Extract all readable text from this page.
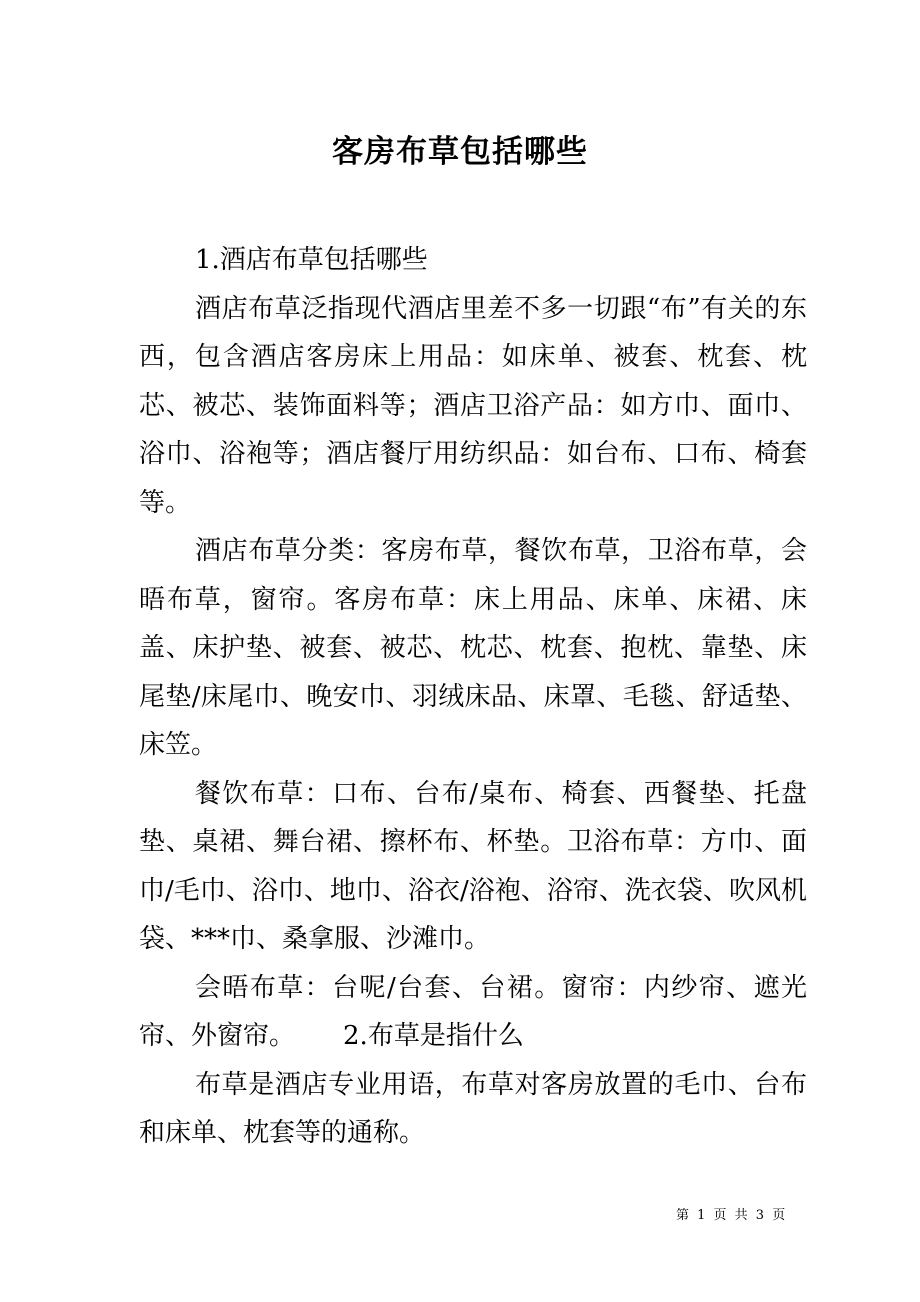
客房布草包括哪些

1.酒店布草包括哪些

酒店布草泛指现代酒店里差不多一切跟“布”有关的东西，包含酒店客房床上用品：如床单、被套、枕套、枕芯、被芯、装饰面料等；酒店卫浴产品：如方巾、面巾、浴巾、浴袍等；酒店餐厅用纺织品：如台布、口布、椅套等。

酒店布草分类：客房布草，餐饮布草，卫浴布草，会晤布草，窗帘。客房布草：床上用品、床单、床裙、床盖、床护垫、被套、被芯、枕芯、枕套、抱枕、靠垫、床尾垫/床尾巾、晚安巾、羽绒床品、床罩、毛毯、舒适垫、床笠。

餐饮布草：口布、台布/桌布、椅套、西餐垫、托盘垫、桌裙、舞台裙、擦杯布、杯垫。卫浴布草：方巾、面巾/毛巾、浴巾、地巾、浴衣/浴袍、浴帘、洗衣袋、吹风机袋、***巾、桑拿服、沙滩巾。

会晤布草：台呢/台套、台裙。窗帘：内纱帘、遮光帘、外窗帘。 2.布草是指什么

布草是酒店专业用语，布草对客房放置的毛巾、台布和床单、枕套等的通称。

第 1 页 共 3 页
